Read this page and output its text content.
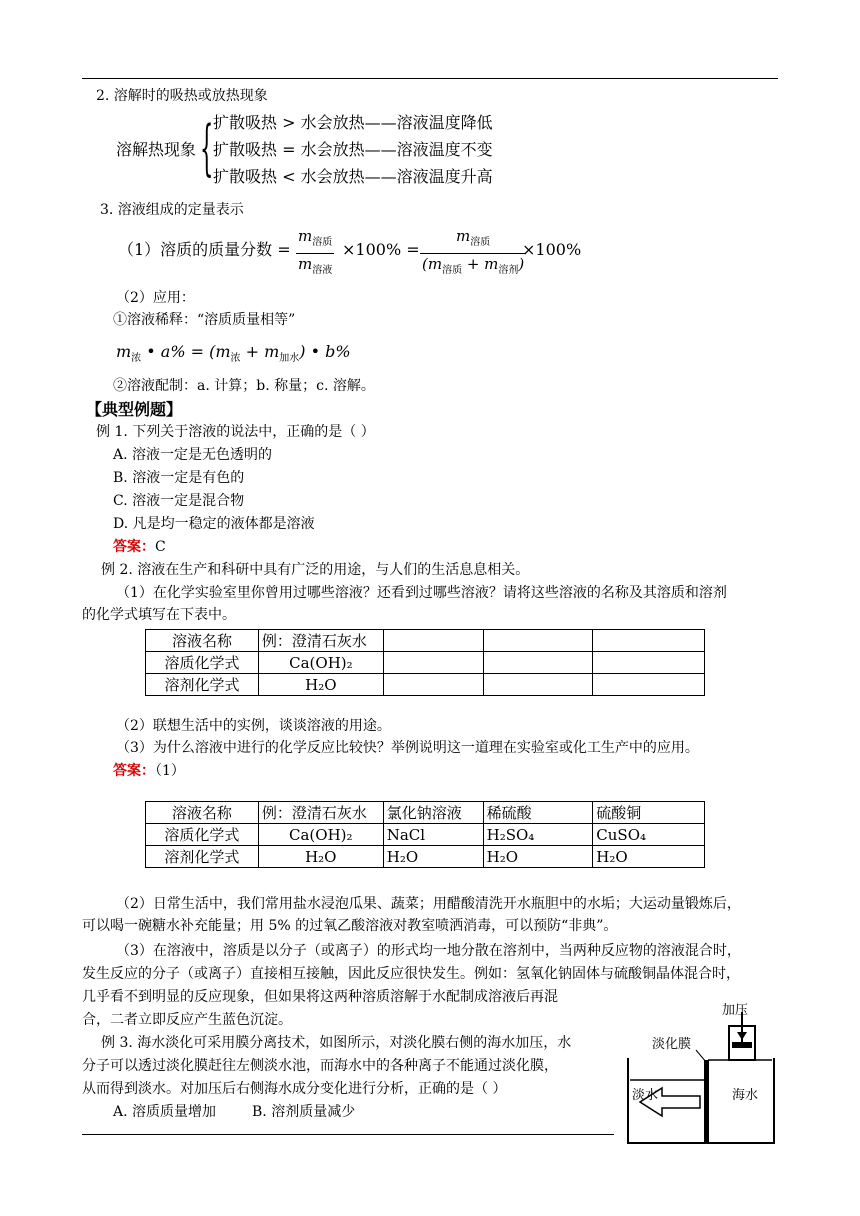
2. 溶解时的吸热或放热现象
溶解热现象 { 扩散吸热 > 水会放热——溶液温度降低
扩散吸热 = 水会放热——溶液温度不变
扩散吸热 < 水会放热——溶液温度升高
3. 溶液组成的定量表示
（1）溶质的质量分数 =
$m_{溶质}$
$m_{溶液}$
×100% =
$m_{溶质}$
$(m_{溶质} + m_{溶剂})$
×100%
（2）应用：
①溶液稀释：“溶质质量相等”
$m_浓$ • $a\% = (m_浓 + m_{加水})$ • b%
②溶液配制：a. 计算；b. 称量；c. 溶解。
【典型例题】
例 1. 下列关于溶液的说法中，正确的是（ ）
A. 溶液一定是无色透明的
B. 溶液一定是有色的
C. 溶液一定是混合物
D. 凡是均一稳定的液体都是溶液
答案：C
例 2. 溶液在生产和科研中具有广泛的用途，与人们的生活息息相关。
（1）在化学实验室里你曾用过哪些溶液？还看到过哪些溶液？请将这些溶液的名称及其溶质和溶剂
的化学式填写在下表中。
溶液名称	例：澄清石灰水			
溶质化学式	Ca(OH)₂			
溶剂化学式	H₂O			
（2）联想生活中的实例，谈谈溶液的用途。
（3）为什么溶液中进行的化学反应比较快？举例说明这一道理在实验室或化工生产中的应用。
答案：（1）
溶液名称	例：澄清石灰水	氯化钠溶液	稀硫酸	硫酸铜
溶质化学式	Ca(OH)₂	NaCl	H₂SO₄	CuSO₄
溶剂化学式	H₂O	H₂O	H₂O	H₂O
（2）日常生活中，我们常用盐水浸泡瓜果、蔬菜；用醋酸清洗开水瓶胆中的水垢；大运动量锻炼后，
可以喝一碗糖水补充能量；用 5% 的过氧乙酸溶液对教室喷洒消毒，可以预防“非典”。
（3）在溶液中，溶质是以分子（或离子）的形式均一地分散在溶剂中，当两种反应物的溶液混合时，
发生反应的分子（或离子）直接相互接触，因此反应很快发生。例如：氢氧化钠固体与硫酸铜晶体混合时，
几乎看不到明显的反应现象，但如果将这两种溶质溶解于水配制成溶液后再混
合，二者立即反应产生蓝色沉淀。
例 3. 海水淡化可采用膜分离技术，如图所示，对淡化膜右侧的海水加压，水
分子可以透过淡化膜赶往左侧淡水池，而海水中的各种离子不能通过淡化膜，
从而得到淡水。对加压后右侧海水成分变化进行分析，正确的是（ ）
A. 溶质质量增加	B. 溶剂质量减少
加压
淡化膜
淡水	海水
